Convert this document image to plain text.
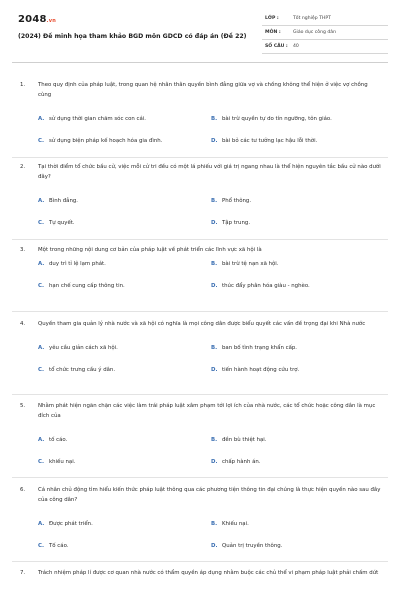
2048.vn
(2024) Đề minh họa tham khảo BGD môn GDCD có đáp án (Đề 22)
LỚP :	Tốt nghiệp THPT
MÔN :	Giáo dục công dân
SỐ CÂU : 40
1. Theo quy định của pháp luật, trong quan hệ nhân thân quyền bình đẳng giữa vợ và chồng không thể hiện ở việc vợ chồng cùng
A. sử dụng thời gian chăm sóc con cái.	B. bài trừ quyền tự do tín ngưỡng, tôn giáo.
C. sử dụng biện pháp kế hoạch hóa gia đình.	D. bài bỏ các tư tưởng lạc hậu lỗi thời.
2. Tại thời điểm tổ chức bầu cử, việc mỗi cử tri đều có một lá phiếu với giá trị ngang nhau là thể hiện nguyên tắc bầu cử nào dưới đây?
A. Bình đẳng.	B. Phổ thông.
C. Tự quyết.	D. Tập trung.
3. Một trong những nội dung cơ bản của pháp luật về phát triển các lĩnh vực xã hội là
A. duy trì tỉ lệ lạm phát.	B. bài trừ tệ nạn xã hội.
C. hạn chế cung cấp thông tin.	D. thúc đẩy phân hóa giàu - nghèo.
4. Quyền tham gia quản lý nhà nước và xã hội có nghĩa là mọi công dân được biểu quyết các vấn đề trọng đại khi Nhà nước
A. yêu cầu giản cách xã hội.	B. ban bố tình trạng khẩn cấp.
C. tổ chức trưng cầu ý dân.	D. tiến hành hoạt động cứu trợ.
5. Nhằm phát hiện ngăn chặn các việc làm trái pháp luật xâm phạm tới lợi ích của nhà nước, các tổ chức hoặc công dân là mục đích của
A. tố cáo.	B. đền bù thiệt hại.
C. khiếu nại.	D. chấp hành án.
6. Cá nhân chủ động tìm hiểu kiến thức pháp luật thông qua các phương tiện thông tin đại chúng là thực hiện quyền nào sau đây của công dân?
A. Được phát triển.	B. Khiếu nại.
C. Tố cáo.	D. Quản trị truyền thông.
7. Trách nhiệm pháp lí được cơ quan nhà nước có thẩm quyền áp dụng nhằm buộc các chủ thể vi phạm pháp luật phải chấm dứt
